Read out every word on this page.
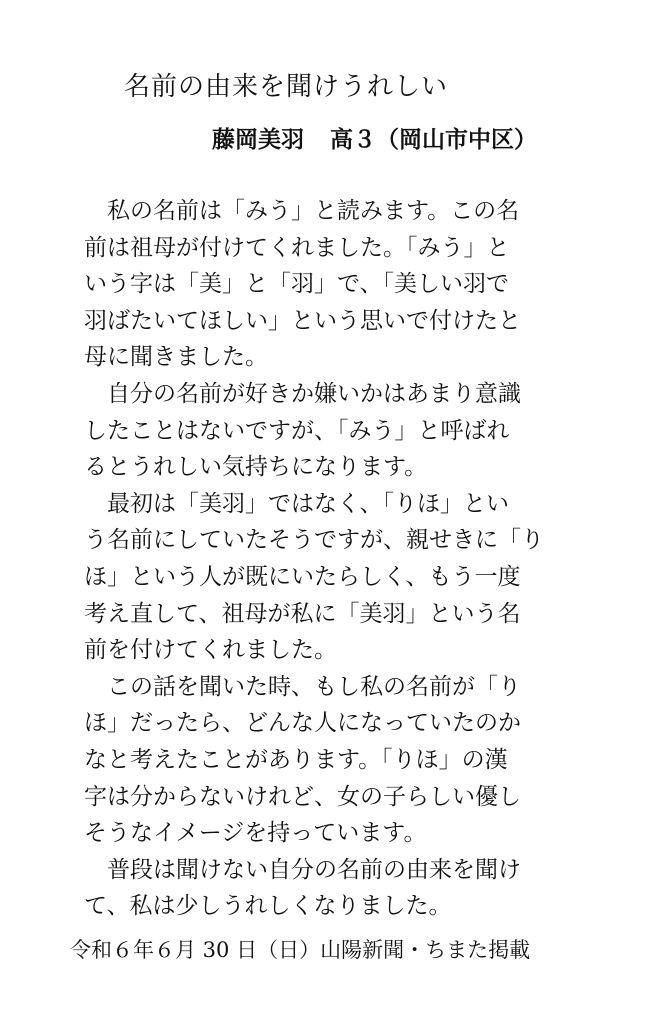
名前の由来を聞けうれしい
藤岡美羽 高３（岡山市中区）
　私の名前は「みう」と読みます。この名
前は祖母が付けてくれました。「みう」と
いう字は「美」と「羽」で、「美しい羽で
羽ばたいてほしい」という思いで付けたと
母に聞きました。
　自分の名前が好きか嫌いかはあまり意識
したことはないですが、「みう」と呼ばれ
るとうれしい気持ちになります。
　最初は「美羽」ではなく、「りほ」とい
う名前にしていたそうですが、親せきに「り
ほ」という人が既にいたらしく、もう一度
考え直して、祖母が私に「美羽」という名
前を付けてくれました。
　この話を聞いた時、もし私の名前が「り
ほ」だったら、どんな人になっていたのか
なと考えたことがあります。「りほ」の漢
字は分からないけれど、女の子らしい優し
そうなイメージを持っています。
　普段は聞けない自分の名前の由来を聞け
て、私は少しうれしくなりました。
令和６年６月 30 日（日）山陽新聞・ちまた掲載
